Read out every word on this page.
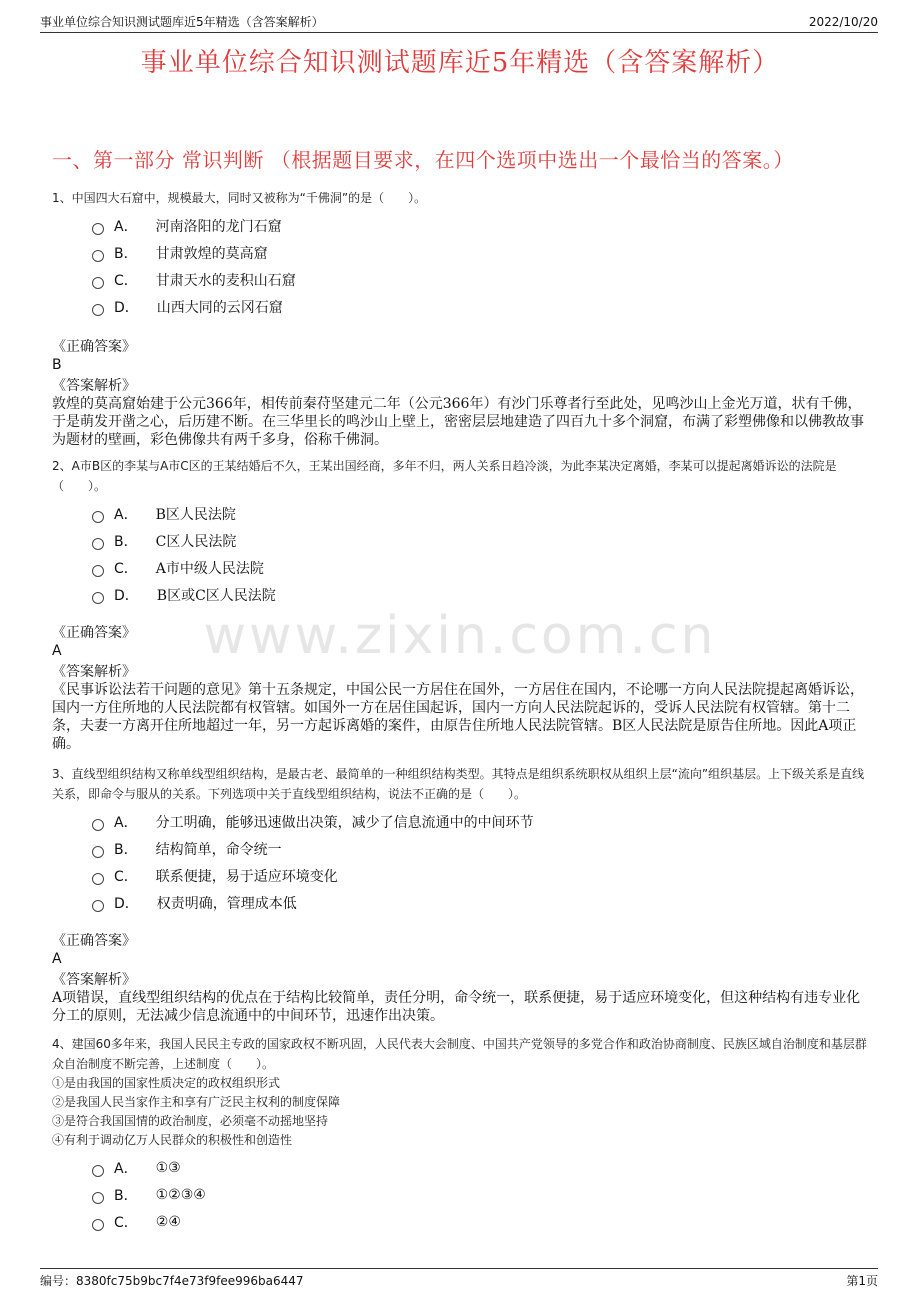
事业单位综合知识测试题库近5年精选（含答案解析）	2022/10/20
事业单位综合知识测试题库近5年精选（含答案解析）
一、第一部分 常识判断 （根据题目要求，在四个选项中选出一个最恰当的答案。）
www.zixin.com.cn
1、中国四大石窟中，规模最大，同时又被称为“千佛洞”的是（　　）。
A． 河南洛阳的龙门石窟
B． 甘肃敦煌的莫高窟
C． 甘肃天水的麦积山石窟
D． 山西大同的云冈石窟
《正确答案》
B
《答案解析》
敦煌的莫高窟始建于公元366年，相传前秦苻坚建元二年（公元366年）有沙门乐尊者行至此处，见鸣沙山上金光万道，状有千佛，于是萌发开凿之心，后历建不断。在三华里长的鸣沙山上壁上，密密层层地建造了四百九十多个洞窟，布满了彩塑佛像和以佛教故事为题材的壁画，彩色佛像共有两千多身，俗称千佛洞。
2、A市B区的李某与A市C区的王某结婚后不久，王某出国经商，多年不归，两人关系日趋冷淡，为此李某决定离婚，李某可以提起离婚诉讼的法院是（　　）。
A． B区人民法院
B． C区人民法院
C． A市中级人民法院
D． B区或C区人民法院
《正确答案》
A
《答案解析》
《民事诉讼法若干问题的意见》第十五条规定，中国公民一方居住在国外，一方居住在国内，不论哪一方向人民法院提起离婚诉讼，国内一方住所地的人民法院都有权管辖。如国外一方在居住国起诉，国内一方向人民法院起诉的，受诉人民法院有权管辖。第十二条，夫妻一方离开住所地超过一年，另一方起诉离婚的案件，由原告住所地人民法院管辖。B区人民法院是原告住所地。因此A项正确。
3、直线型组织结构又称单线型组织结构，是最古老、最简单的一种组织结构类型。其特点是组织系统职权从组织上层“流向”组织基层。上下级关系是直线关系，即命令与服从的关系。下列选项中关于直线型组织结构，说法不正确的是（　　）。
A． 分工明确，能够迅速做出决策，减少了信息流通中的中间环节
B． 结构简单，命令统一
C． 联系便捷，易于适应环境变化
D． 权责明确，管理成本低
《正确答案》
A
《答案解析》
A项错误，直线型组织结构的优点在于结构比较简单，责任分明，命令统一，联系便捷，易于适应环境变化，但这种结构有违专业化分工的原则，无法减少信息流通中的中间环节，迅速作出决策。
4、建国60多年来，我国人民民主专政的国家政权不断巩固，人民代表大会制度、中国共产党领导的多党合作和政治协商制度、民族区域自治制度和基层群众自治制度不断完善，上述制度（　　）。
①是由我国的国家性质决定的政权组织形式
②是我国人民当家作主和享有广泛民主权利的制度保障
③是符合我国国情的政治制度，必须毫不动摇地坚持
④有利于调动亿万人民群众的积极性和创造性
A． ①③
B． ①②③④
C． ②④
编号：8380fc75b9bc7f4e73f9fee996ba6447	第1页
